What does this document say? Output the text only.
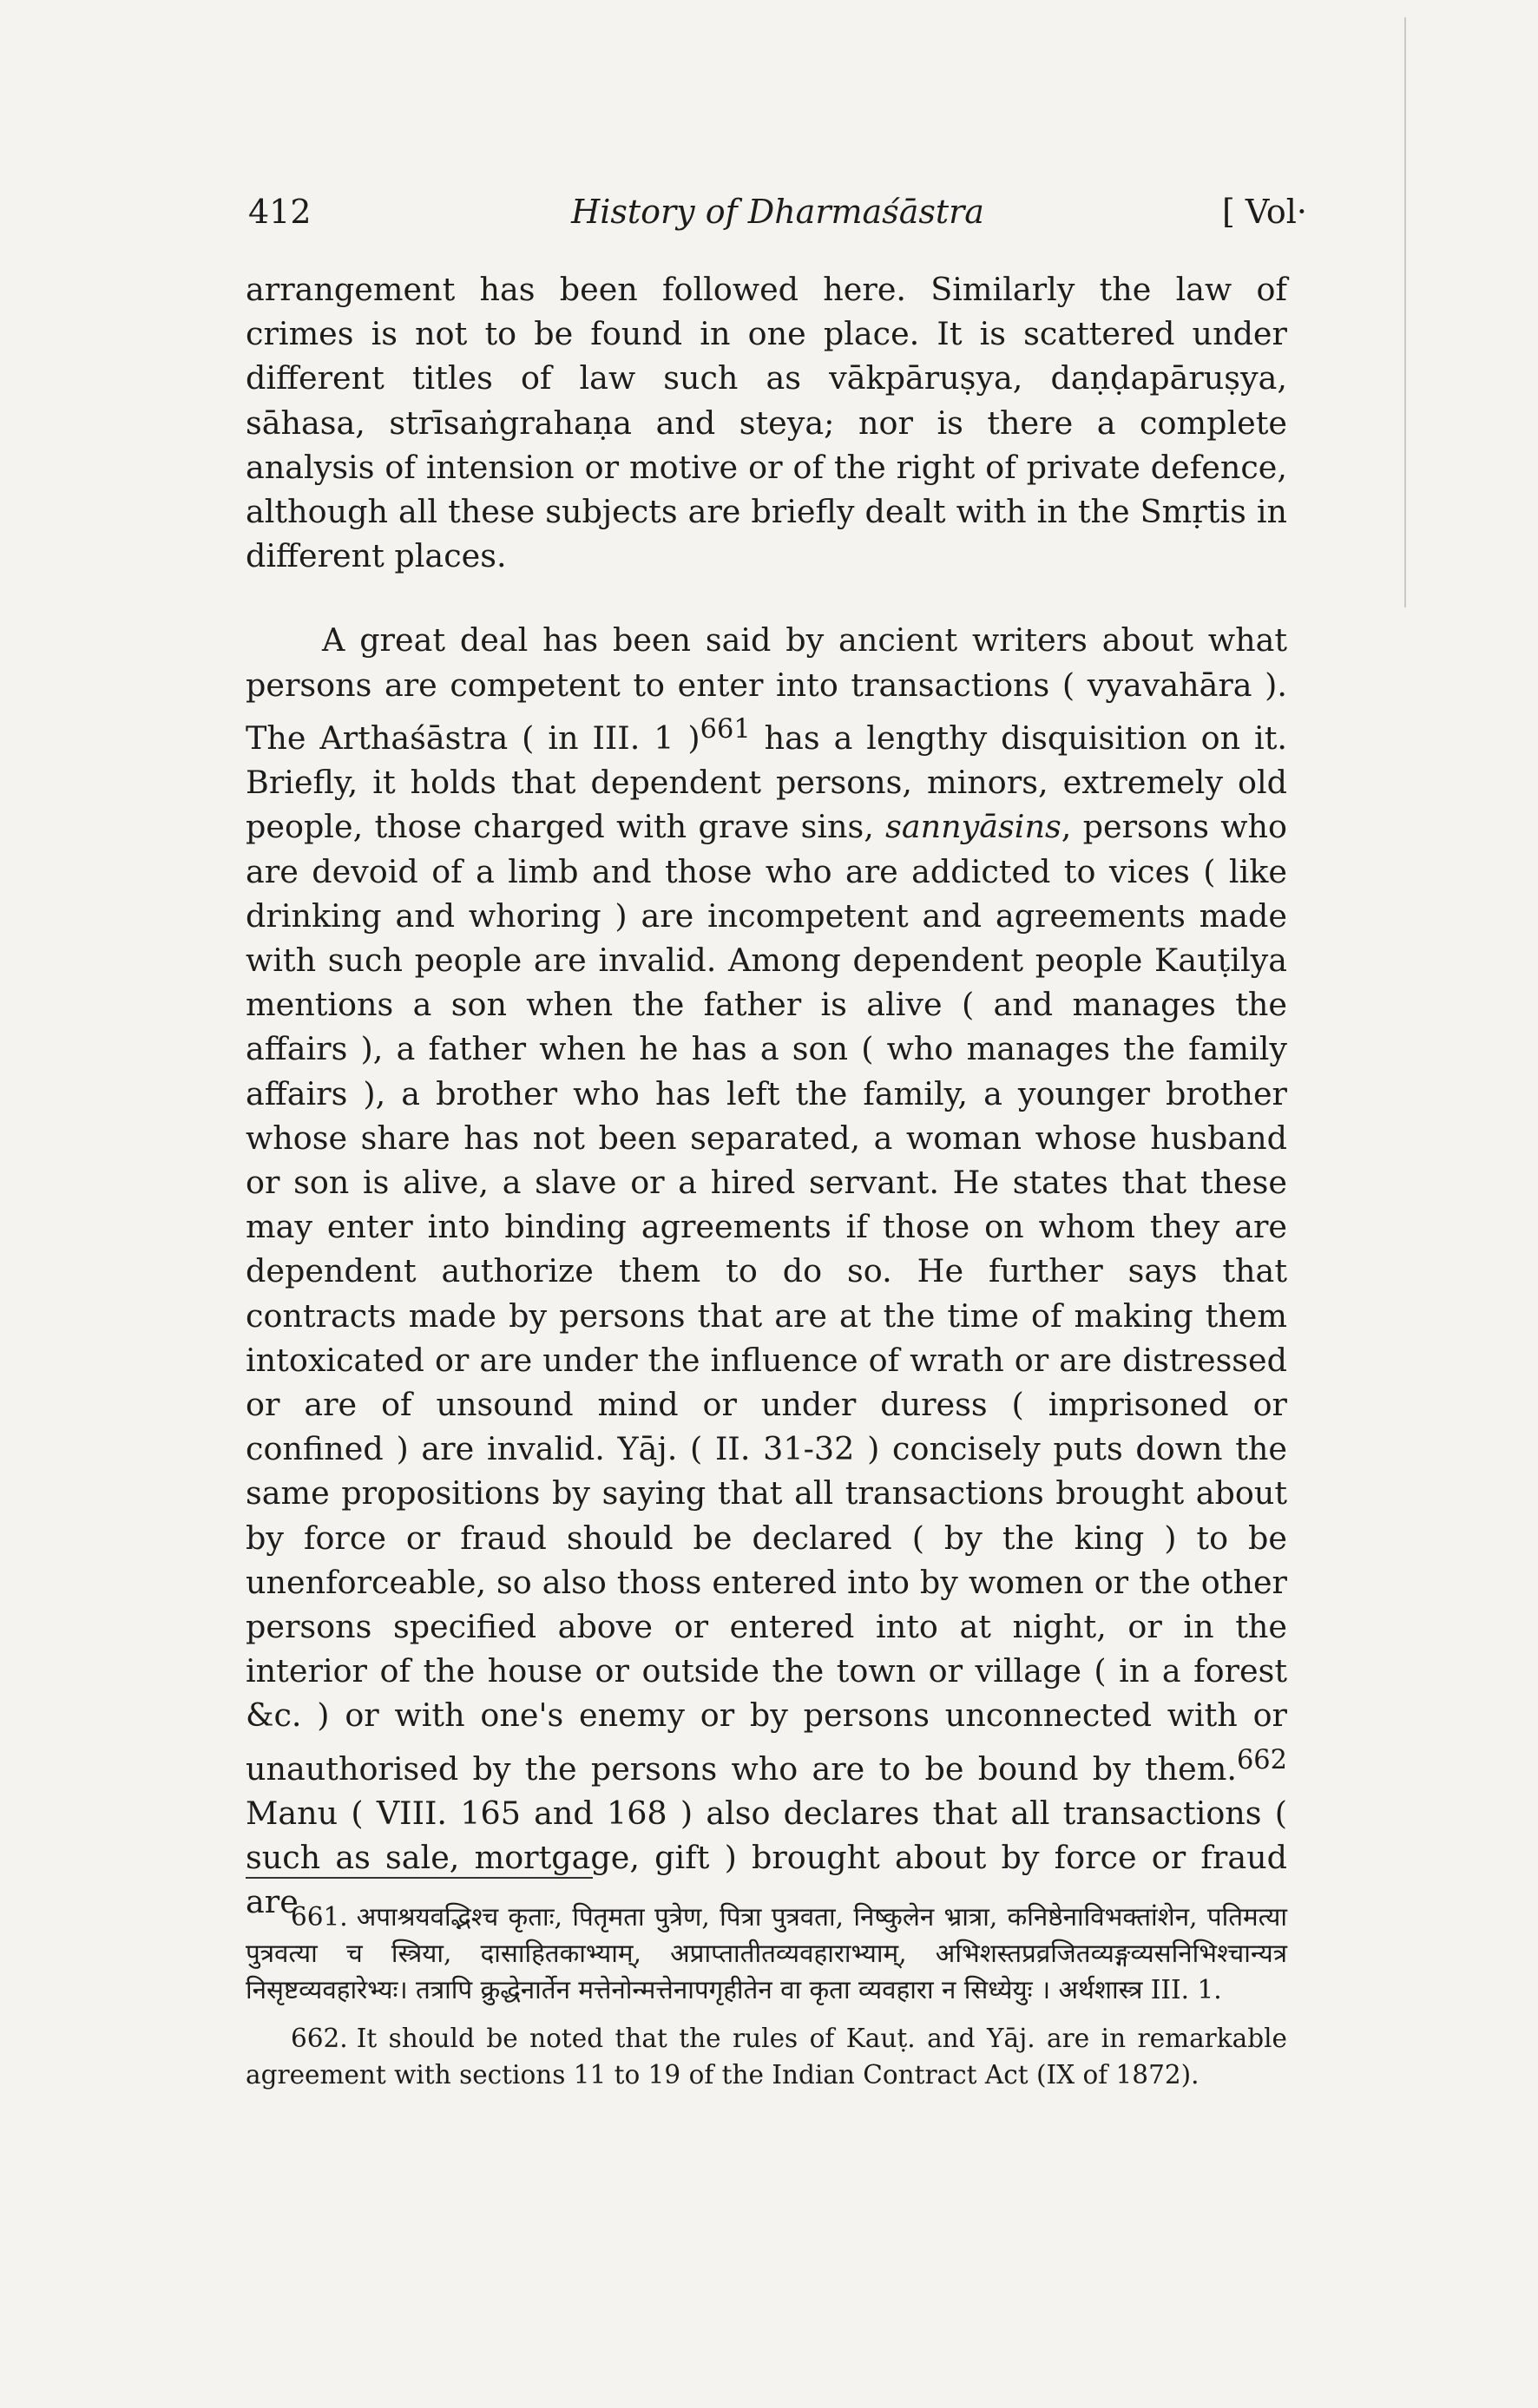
412	History of Dharmaśāstra	[ Vol·

arrangement has been followed here. Similarly the law of crimes is not to be found in one place. It is scattered under different titles of law such as vākpāruṣya, daṇḍapāruṣya, sāhasa, strīsaṅgrahaṇa and steya; nor is there a complete analysis of intension or motive or of the right of private defence, although all these subjects are briefly dealt with in the Smṛtis in different places.

A great deal has been said by ancient writers about what persons are competent to enter into transactions ( vyavahāra ). The Arthaśāstra ( in III. 1 )$^{661}$ has a lengthy disquisition on it. Briefly, it holds that dependent persons, minors, extremely old people, those charged with grave sins, sannyāsins, persons who are devoid of a limb and those who are addicted to vices ( like drinking and whoring ) are incompetent and agreements made with such people are invalid. Among dependent people Kauṭilya mentions a son when the father is alive ( and manages the affairs ), a father when he has a son ( who manages the family affairs ), a brother who has left the family, a younger brother whose share has not been separated, a woman whose husband or son is alive, a slave or a hired servant. He states that these may enter into binding agreements if those on whom they are dependent authorize them to do so. He further says that contracts made by persons that are at the time of making them intoxicated or are under the influence of wrath or are distressed or are of unsound mind or under duress ( imprisoned or confined ) are invalid. Yāj. ( II. 31-32 ) concisely puts down the same propositions by saying that all transactions brought about by force or fraud should be declared ( by the king ) to be unenforceable, so also thoss entered into by women or the other persons specified above or entered into at night, or in the interior of the house or outside the town or village ( in a forest &c. ) or with one's enemy or by persons unconnected with or unauthorised by the persons who are to be bound by them.$^{662}$ Manu ( VIII. 165 and 168 ) also declares that all transactions ( such as sale, mortgage, gift ) brought about by force or fraud are

661. अपाश्रयवद्भिश्च कृताः, पितृमता पुत्रेण, पित्रा पुत्रवता, निष्कुलेन भ्रात्रा, कनिष्ठेनाविभक्तांशेन, पतिमत्या पुत्रवत्या च स्त्रिया, दासाहितकाभ्याम्, अप्राप्तातीतव्यवहाराभ्याम्, अभिशस्तप्रव्रजितव्यङ्गव्यसनिभिश्चान्यत्र निसृष्टव्यवहारेभ्यः। तत्रापि क्रुद्धेनार्तेन मत्तेनोन्मत्तेनापगृहीतेन वा कृता व्यवहारा न सिध्येयुः । अर्थशास्त्र III. 1.

662. It should be noted that the rules of Kauṭ. and Yāj. are in remarkable agreement with sections 11 to 19 of the Indian Contract Act (IX of 1872).
